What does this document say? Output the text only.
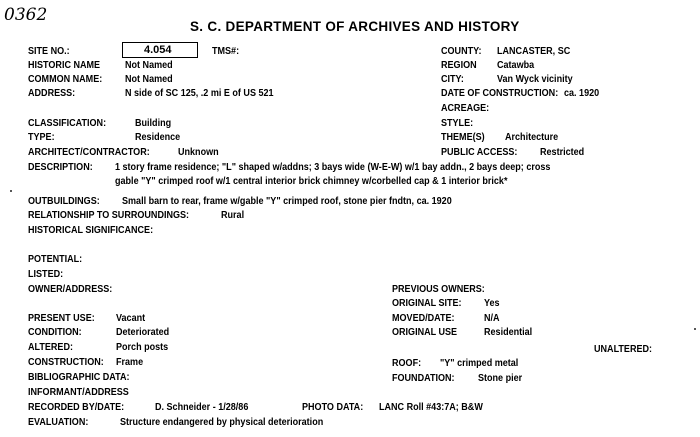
0362
S. C. DEPARTMENT OF ARCHIVES AND HISTORY
SITE NO.:	4.054	TMS#:
HISTORIC NAME Not Named
COMMON NAME: Not Named
ADDRESS:	N side of SC 125, .2 mi E of US 521
CLASSIFICATION:	Building
TYPE:	Residence
ARCHITECT/CONTRACTOR:	Unknown
COUNTY: LANCASTER, SC
REGION Catawba
CITY:	Van Wyck vicinity
DATE OF CONSTRUCTION: ca. 1920
ACREAGE:
STYLE:
THEME(S) Architecture
PUBLIC ACCESS: Restricted
DESCRIPTION: 1 story frame residence; "L" shaped w/addns; 3 bays wide (W-E-W) w/1 bay addn., 2 bays deep; cross
gable "Y" crimped roof w/1 central interior brick chimney w/corbelled cap & 1 interior brick*
OUTBUILDINGS: Small barn to rear, frame w/gable "Y" crimped roof, stone pier fndtn, ca. 1920
RELATIONSHIP TO SURROUNDINGS:	Rural
HISTORICAL SIGNIFICANCE:
POTENTIAL:
LISTED:
OWNER/ADDRESS:	PREVIOUS OWNERS:
ORIGINAL SITE: Yes
PRESENT USE: Vacant	MOVED/DATE:	N/A
CONDITION:	Deteriorated	ORIGINAL USE	Residential
ALTERED:	Porch posts	UNALTERED:
CONSTRUCTION: Frame	ROOF: "Y" crimped metal
BIBLIOGRAPHIC DATA:	FOUNDATION: Stone pier
INFORMANT/ADDRESS
RECORDED BY/DATE:	D. Schneider - 1/28/86	PHOTO DATA: LANC Roll #43:7A; B&W
EVALUATION:	Structure endangered by physical deterioration
